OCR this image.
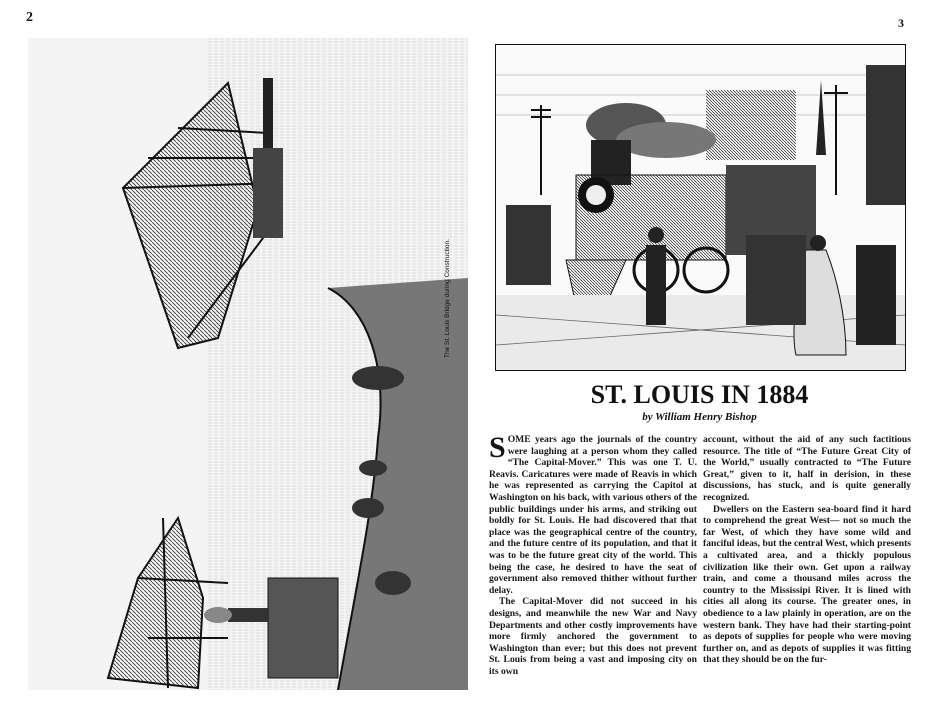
2	3
The St. Louis Bridge during Construction.
ST. LOUIS IN 1884
by William Henry Bishop

SOME years ago the journals of the country were laughing at a person whom they called “The Capital-Mover.” This was one T. U. Reavis. Caricatures were made of Reavis in which he was represented as carrying the Capitol at Washington on his back, with various others of the public buildings under his arms, and striking out boldly for St. Louis. He had discovered that that place was the geographical centre of the country, and the future centre of its population, and that it was to be the future great city of the world. This being the case, he desired to have the seat of government also removed thither without further delay.

The Capital-Mover did not succeed in his designs, and meanwhile the new War and Navy Departments and other costly improvements have more firmly anchored the government to Washington than ever; but this does not prevent St. Louis from being a vast and imposing city on its own

account, without the aid of any such factitious resource. The title of “The Future Great City of the World,” usually contracted to “The Future Great,” given to it, half in derision, in these discussions, has stuck, and is quite generally recognized.

Dwellers on the Eastern sea-board find it hard to comprehend the great West— not so much the far West, of which they have some wild and fanciful ideas, but the central West, which presents a cultivated area, and a thickly populous civilization like their own. Get upon a railway train, and come a thousand miles across the country to the Mississipi River. It is lined with cities all along its course. The greater ones, in obedience to a law plainly in operation, are on the western bank. They have had their starting-point as depots of supplies for people who were moving further on, and as depots of supplies it was fitting that they should be on the fur-
